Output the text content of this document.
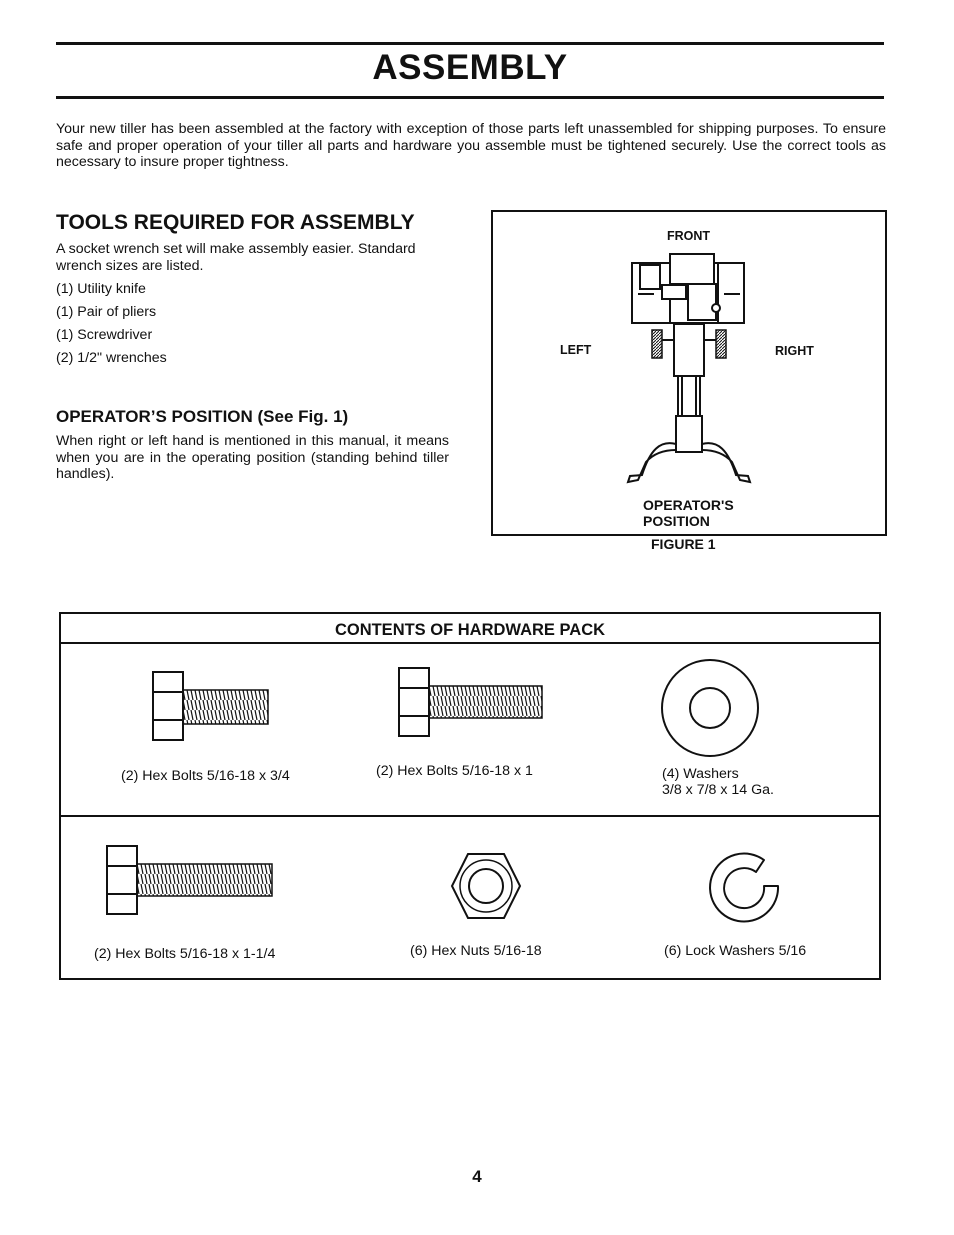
ASSEMBLY
Your new tiller has been assembled at the factory with exception of those parts left unassembled for shipping purposes. To ensure safe and proper operation of your tiller all parts and hardware you assemble must be tightened securely. Use the correct tools as necessary to insure proper tightness.
TOOLS REQUIRED FOR ASSEMBLY
A socket wrench set will make assembly easier. Standard wrench sizes are listed.
(1) Utility knife
(1) Pair of pliers
(1) Screwdriver
(2) 1/2" wrenches
OPERATOR’S POSITION (See Fig. 1)
When right or left hand is mentioned in this manual, it means when you are in the operating position (standing behind tiller handles).
FRONT
LEFT	RIGHT
OPERATOR'S
POSITION
FIGURE 1
CONTENTS OF HARDWARE PACK
(2) Hex Bolts 5/16-18 x 3/4	(2) Hex Bolts 5/16-18 x 1	(4) Washers
3/8 x 7/8 x 14 Ga.
(2) Hex Bolts 5/16-18 x 1-1/4	(6) Hex Nuts 5/16-18	(6) Lock Washers 5/16
4
